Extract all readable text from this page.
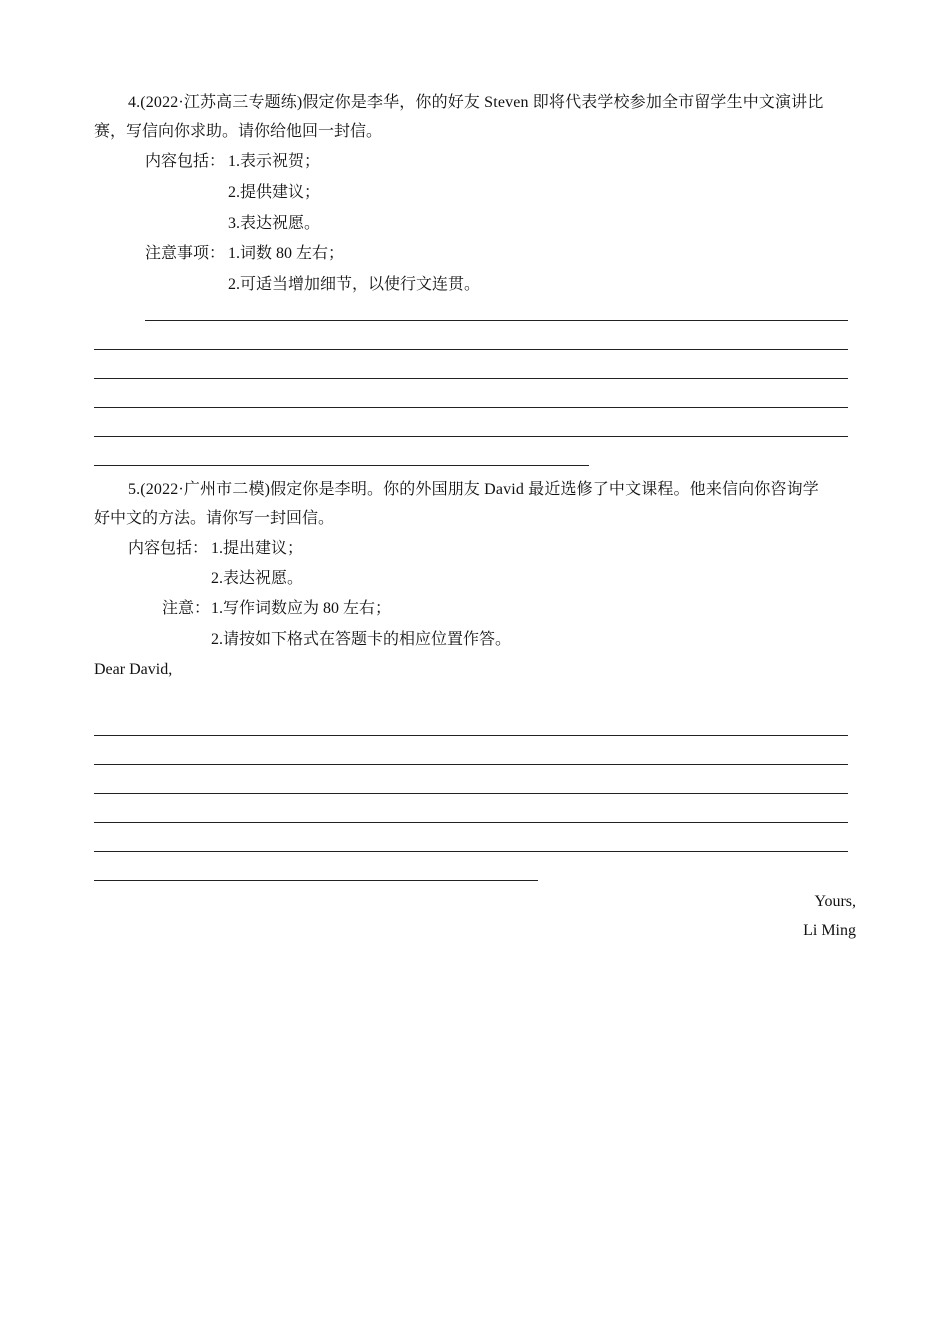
4.(2022·江苏高三专题练)假定你是李华，你的好友 Steven 即将代表学校参加全市留学生中文演讲比
赛，写信向你求助。请你给他回一封信。
内容包括： 1.表示祝贺；
2.提供建议；
3.表达祝愿。
注意事项： 1.词数 80 左右；
2.可适当增加细节，以使行文连贯。
5.(2022·广州市二模)假定你是李明。你的外国朋友 David 最近选修了中文课程。他来信向你咨询学
好中文的方法。请你写一封回信。
内容包括： 1.提出建议；
2.表达祝愿。
注意： 1.写作词数应为 80 左右；
2.请按如下格式在答题卡的相应位置作答。
Dear David,
Yours,
Li Ming
